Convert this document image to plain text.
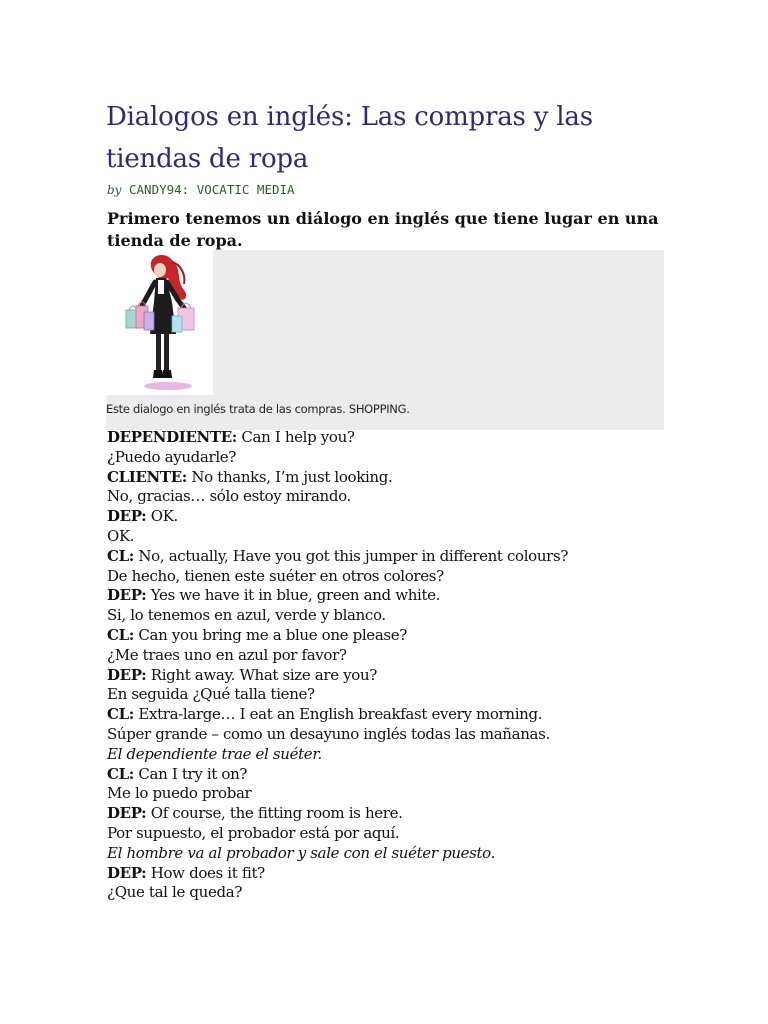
Dialogos en inglés: Las compras y las tiendas de ropa
by CANDY94: VOCATIC MEDIA

Primero tenemos un diálogo en inglés que tiene lugar en una tienda de ropa.

Este dialogo en inglés trata de las compras. SHOPPING.
DEPENDIENTE: Can I help you?
¿Puedo ayudarle?
CLIENTE: No thanks, I’m just looking.
No, gracias… sólo estoy mirando.
DEP: OK.
OK.
CL: No, actually, Have you got this jumper in different colours?
De hecho, tienen este suéter en otros colores?
DEP: Yes we have it in blue, green and white.
Si, lo tenemos en azul, verde y blanco.
CL: Can you bring me a blue one please?
¿Me traes uno en azul por favor?
DEP: Right away. What size are you?
En seguida ¿Qué talla tiene?
CL: Extra-large… I eat an English breakfast every morning.
Súper grande – como un desayuno inglés todas las mañanas.
El dependiente trae el suéter.
CL: Can I try it on?
Me lo puedo probar
DEP: Of course, the fitting room is here.
Por supuesto, el probador está por aquí.
El hombre va al probador y sale con el suéter puesto.
DEP: How does it fit?
¿Que tal le queda?
